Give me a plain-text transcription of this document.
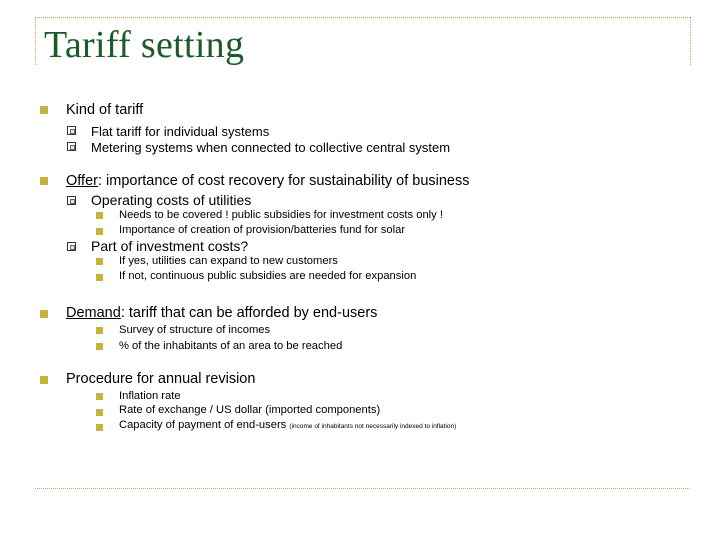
Tariff setting
Kind of tariff
Flat tariff for individual systems
Metering systems when connected to collective central system
Offer: importance of cost recovery for sustainability of business
Operating costs of utilities
Needs to be covered ! public subsidies for investment costs only !
Importance of creation of provision/batteries fund for solar
Part of investment costs?
If yes, utilities can expand to new customers
If not, continuous public subsidies are needed for expansion
Demand: tariff that can be afforded by end-users
Survey of structure of incomes
% of the inhabitants of an area to be reached
Procedure for annual revision
Inflation rate
Rate of exchange / US dollar (imported components)
Capacity of payment of end-users (income of inhabitants not necessarily indexed to inflation)
